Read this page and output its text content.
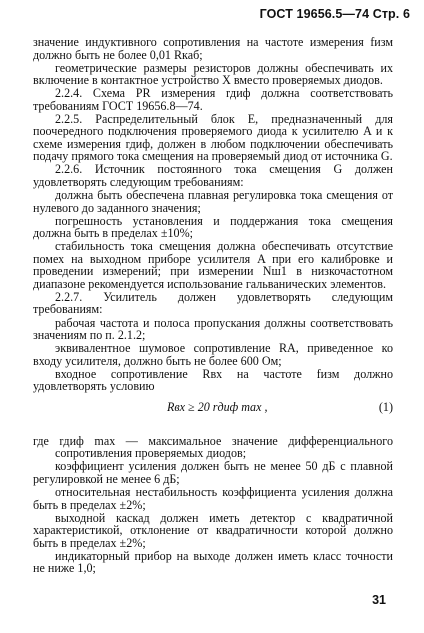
ГОСТ 19656.5—74 Стр. 6

значение индуктивного сопротивления на частоте измерения fизм должно быть не более 0,01 Rкаб;

геометрические размеры резисторов должны обеспечивать их включение в контактное устройство X вместо проверяемых диодов.

2.2.4. Схема PR измерения rдиф должна соответствовать требованиям ГОСТ 19656.8—74.

2.2.5. Распределительный блок E, предназначенный для поочередного подключения проверяемого диода к усилителю A и к схеме измерения rдиф, должен в любом подключении обеспечивать подачу прямого тока смещения на проверяемый диод от источника G.

2.2.6. Источник постоянного тока смещения G должен удовлетворять следующим требованиям:

должна быть обеспечена плавная регулировка тока смещения от нулевого до заданного значения;

погрешность установления и поддержания тока смещения должна быть в пределах ±10%;

стабильность тока смещения должна обеспечивать отсутствие помех на выходном приборе усилителя A при его калибровке и проведении измерений; при измерении Nш1 в низкочастотном диапазоне рекомендуется использование гальванических элементов.

2.2.7. Усилитель должен удовлетворять следующим требованиям:

рабочая частота и полоса пропускания должны соответствовать значениям по п. 2.1.2;

эквивалентное шумовое сопротивление RA, приведенное ко входу усилителя, должно быть не более 600 Ом;

входное сопротивление Rвх на частоте fизм должно удовлетворять условию

Rвх ≥ 20 rдиф max ,	(1)

где rдиф max — максимальное значение дифференциального сопротивления проверяемых диодов;

коэффициент усиления должен быть не менее 50 дБ с плавной регулировкой не менее 6 дБ;

относительная нестабильность коэффициента усиления должна быть в пределах ±2%;

выходной каскад должен иметь детектор с квадратичной характеристикой, отклонение от квадратичности которой должно быть в пределах ±2%;

индикаторный прибор на выходе должен иметь класс точности не ниже 1,0;

31
